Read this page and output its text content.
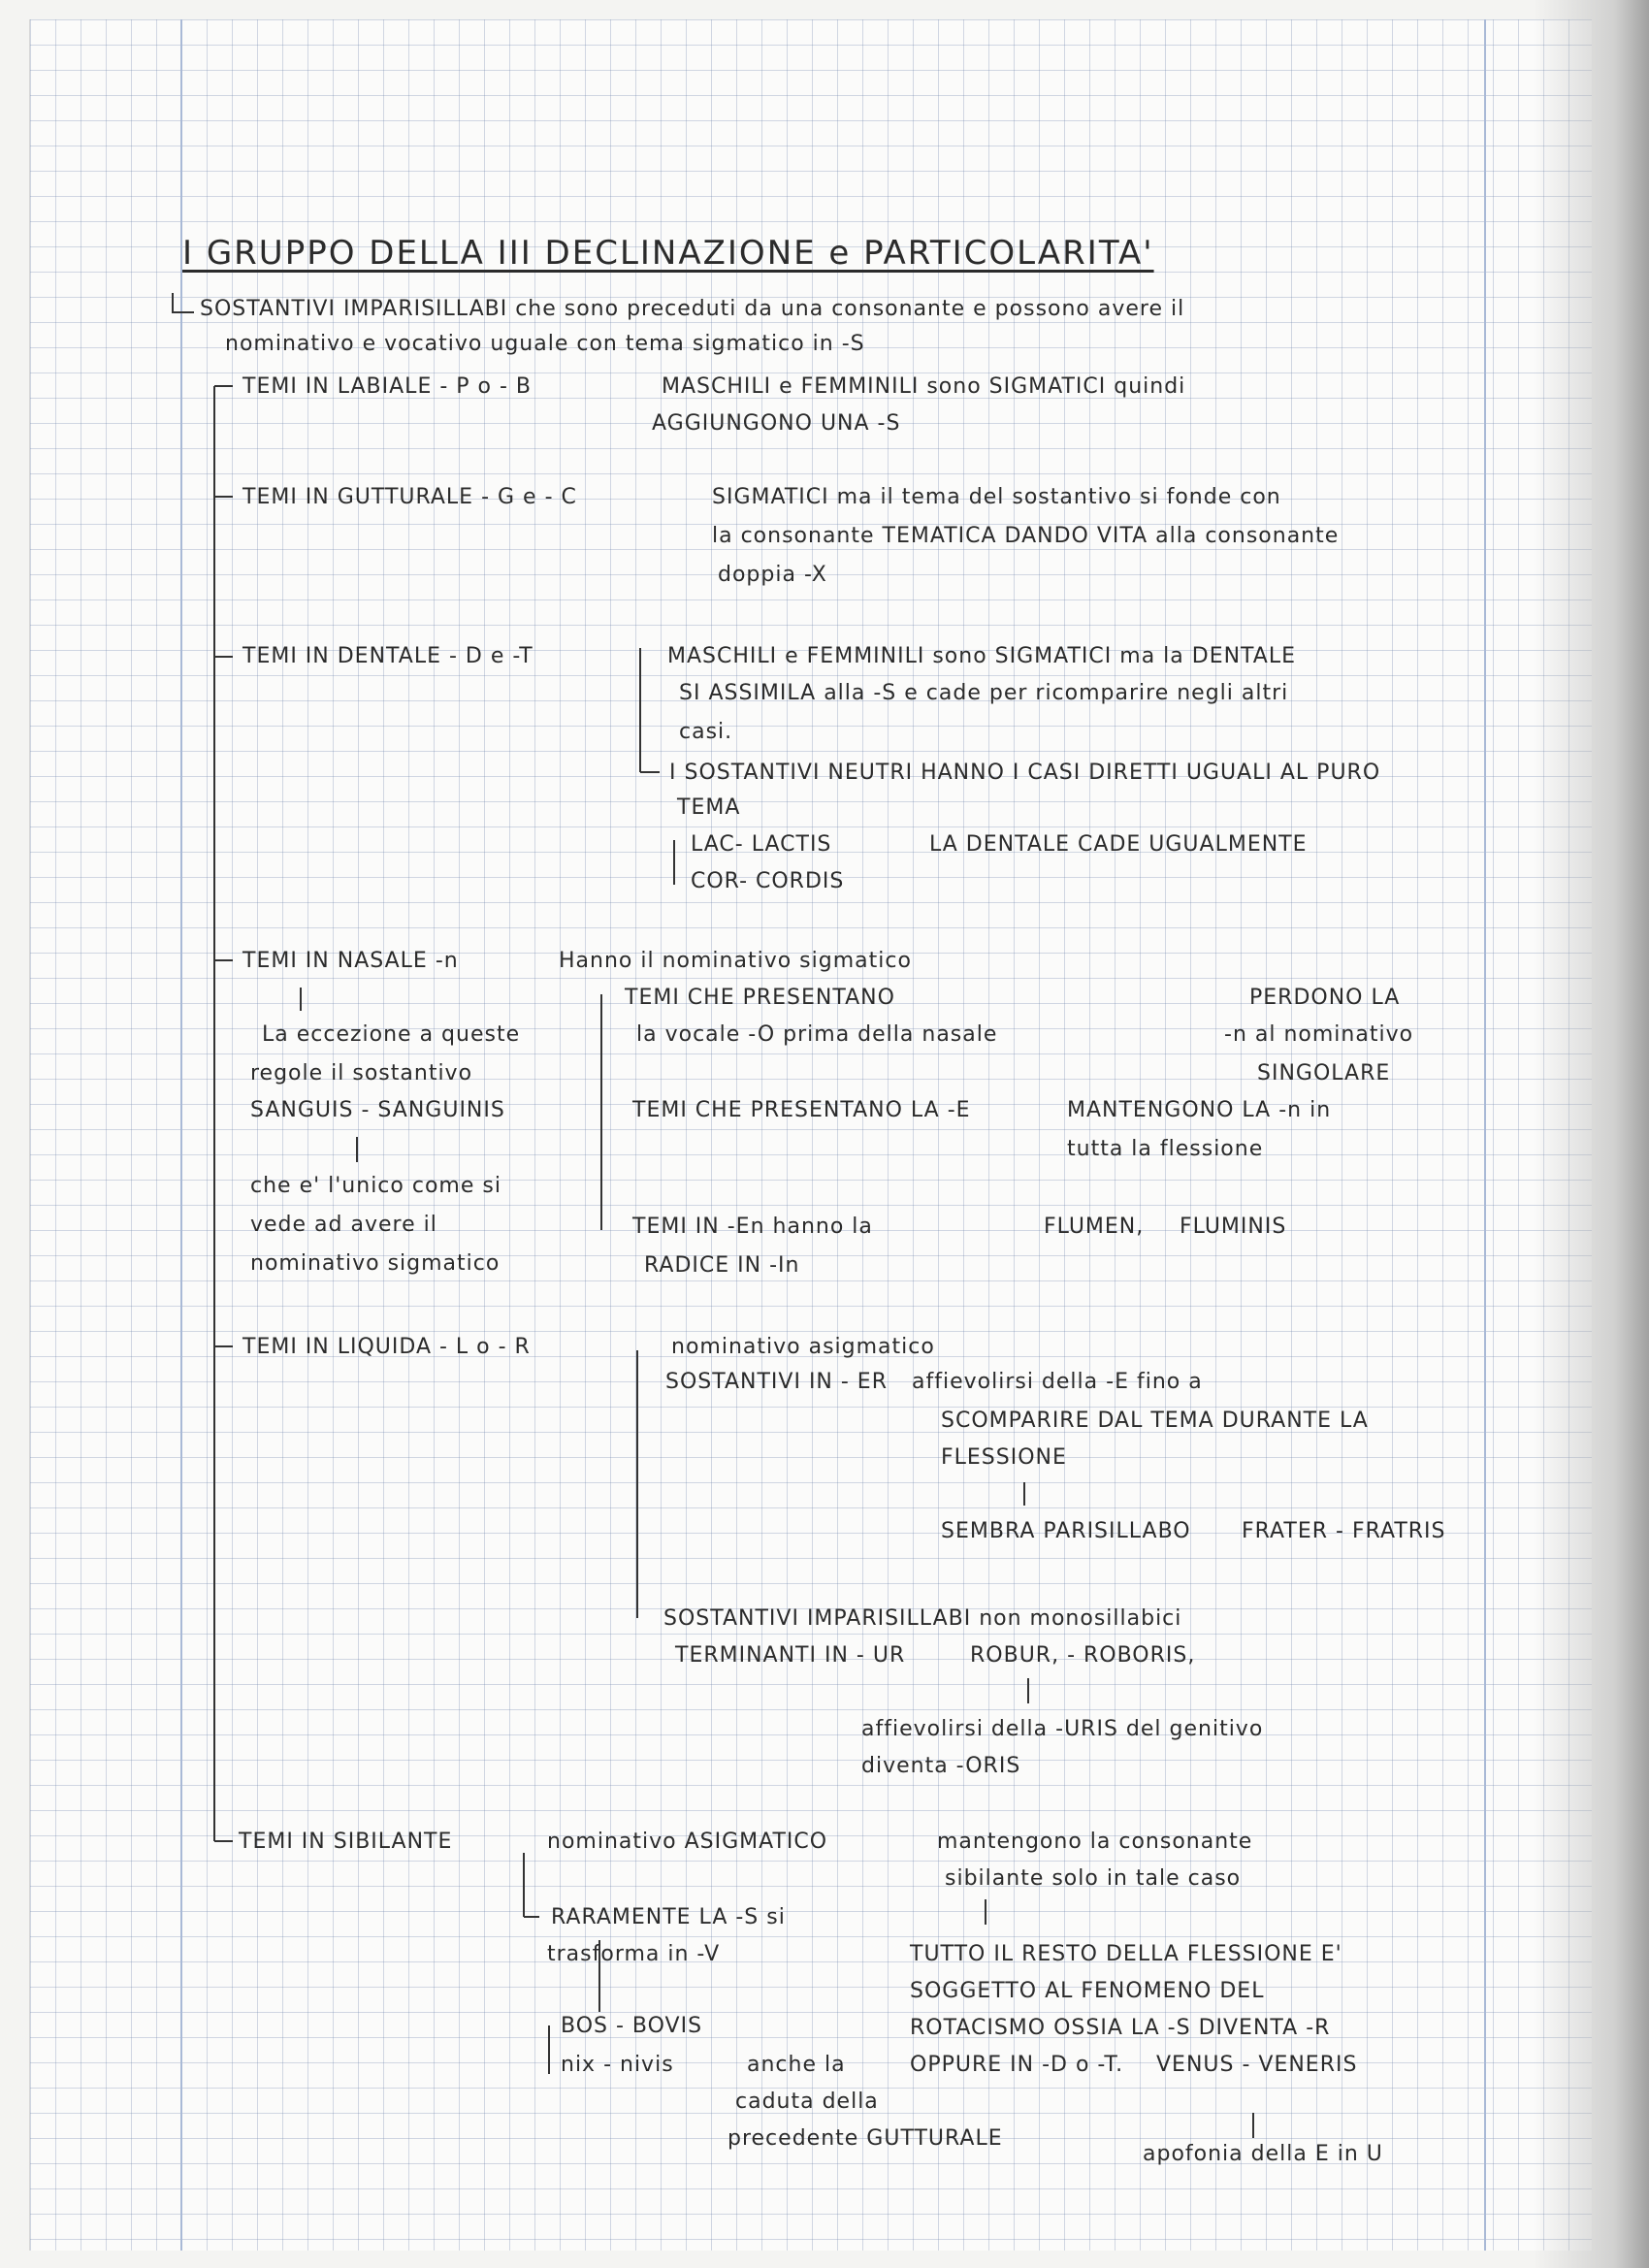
I GRUPPO DELLA III DECLINAZIONE e PARTICOLARITA'
SOSTANTIVI IMPARISILLABI che sono preceduti da una consonante e possono avere il
nominativo e vocativo uguale con tema sigmatico in -S
TEMI IN LABIALE - P o - B	MASCHILI e FEMMINILI sono SIGMATICI quindi
AGGIUNGONO UNA -S
TEMI IN GUTTURALE - G e - C	SIGMATICI ma il tema del sostantivo si fonde con
la consonante TEMATICA DANDO VITA alla consonante
doppia -X
TEMI IN DENTALE - D e -T	MASCHILI e FEMMINILI sono SIGMATICI ma la DENTALE
SI ASSIMILA alla -S e cade per ricomparire negli altri
casi.
I SOSTANTIVI NEUTRI HANNO I CASI DIRETTI UGUALI AL PURO
TEMA
LAC- LACTIS	LA DENTALE CADE UGUALMENTE
COR- CORDIS
TEMI IN NASALE -n	Hanno il nominativo sigmatico
La eccezione a queste
regole il sostantivo
SANGUIS - SANGUINIS
che e' l'unico come si
vede ad avere il
nominativo sigmatico
TEMI CHE PRESENTANO
la vocale -O prima della nasale
PERDONO LA
-n al nominativo
SINGOLARE
TEMI CHE PRESENTANO LA -E	MANTENGONO LA -n in
tutta la flessione
TEMI IN -En hanno la
RADICE IN -In
FLUMEN, FLUMINIS
TEMI IN LIQUIDA - L o - R	nominativo asigmatico
SOSTANTIVI IN - ER affievolirsi della -E fino a
SCOMPARIRE DAL TEMA DURANTE LA
FLESSIONE
SEMBRA PARISILLABO FRATER - FRATRIS
SOSTANTIVI IMPARISILLABI non monosillabici
TERMINANTI IN - UR	ROBUR, - ROBORIS,
affievolirsi della -URIS del genitivo
diventa -ORIS
TEMI IN SIBILANTE	nominativo ASIGMATICO	mantengono la consonante
sibilante solo in tale caso
RARAMENTE LA -S si
trasforma in -V
BOS - BOVIS
nix - nivis	anche la
caduta della
precedente GUTTURALE
TUTTO IL RESTO DELLA FLESSIONE E'
SOGGETTO AL FENOMENO DEL
ROTACISMO OSSIA LA -S DIVENTA -R
OPPURE IN -D o -T. VENUS - VENERIS
apofonia della E in U
